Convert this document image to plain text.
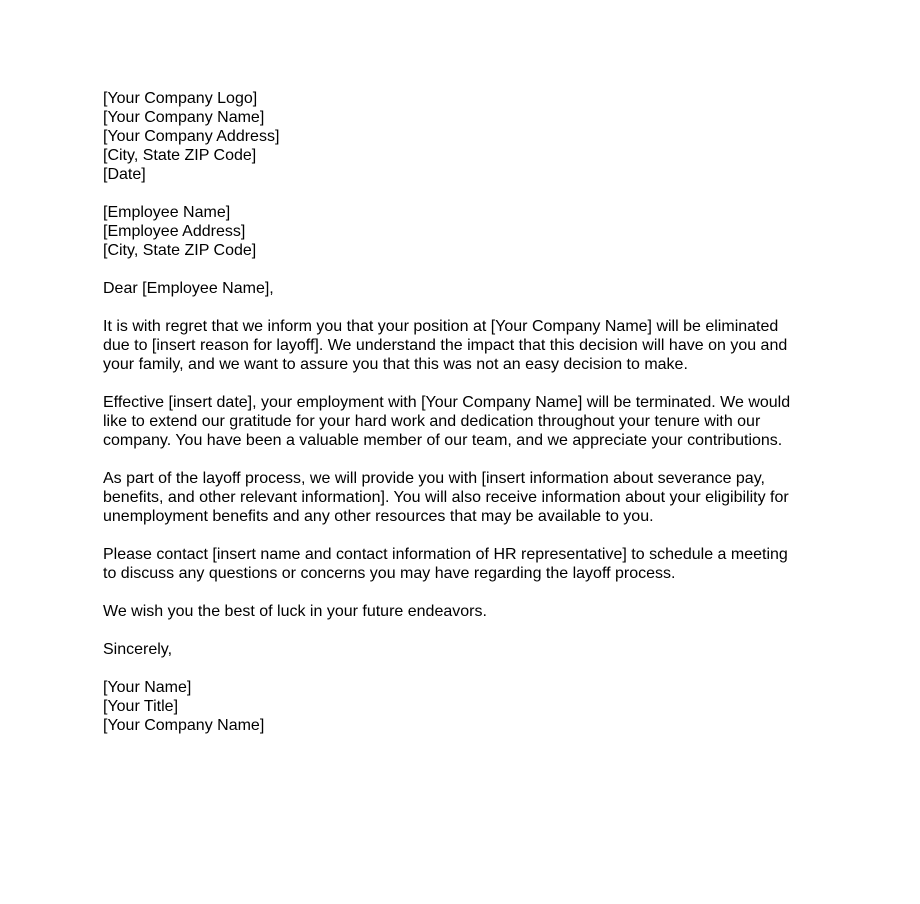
[Your Company Logo]
[Your Company Name]
[Your Company Address]
[City, State ZIP Code]
[Date]
[Employee Name]
[Employee Address]
[City, State ZIP Code]

Dear [Employee Name],

It is with regret that we inform you that your position at [Your Company Name] will be eliminated due to [insert reason for layoff]. We understand the impact that this decision will have on you and your family, and we want to assure you that this was not an easy decision to make.

Effective [insert date], your employment with [Your Company Name] will be terminated. We would like to extend our gratitude for your hard work and dedication throughout your tenure with our company. You have been a valuable member of our team, and we appreciate your contributions.

As part of the layoff process, we will provide you with [insert information about severance pay, benefits, and other relevant information]. You will also receive information about your eligibility for unemployment benefits and any other resources that may be available to you.

Please contact [insert name and contact information of HR representative] to schedule a meeting to discuss any questions or concerns you may have regarding the layoff process.

We wish you the best of luck in your future endeavors.

Sincerely,

[Your Name]
[Your Title]
[Your Company Name]
